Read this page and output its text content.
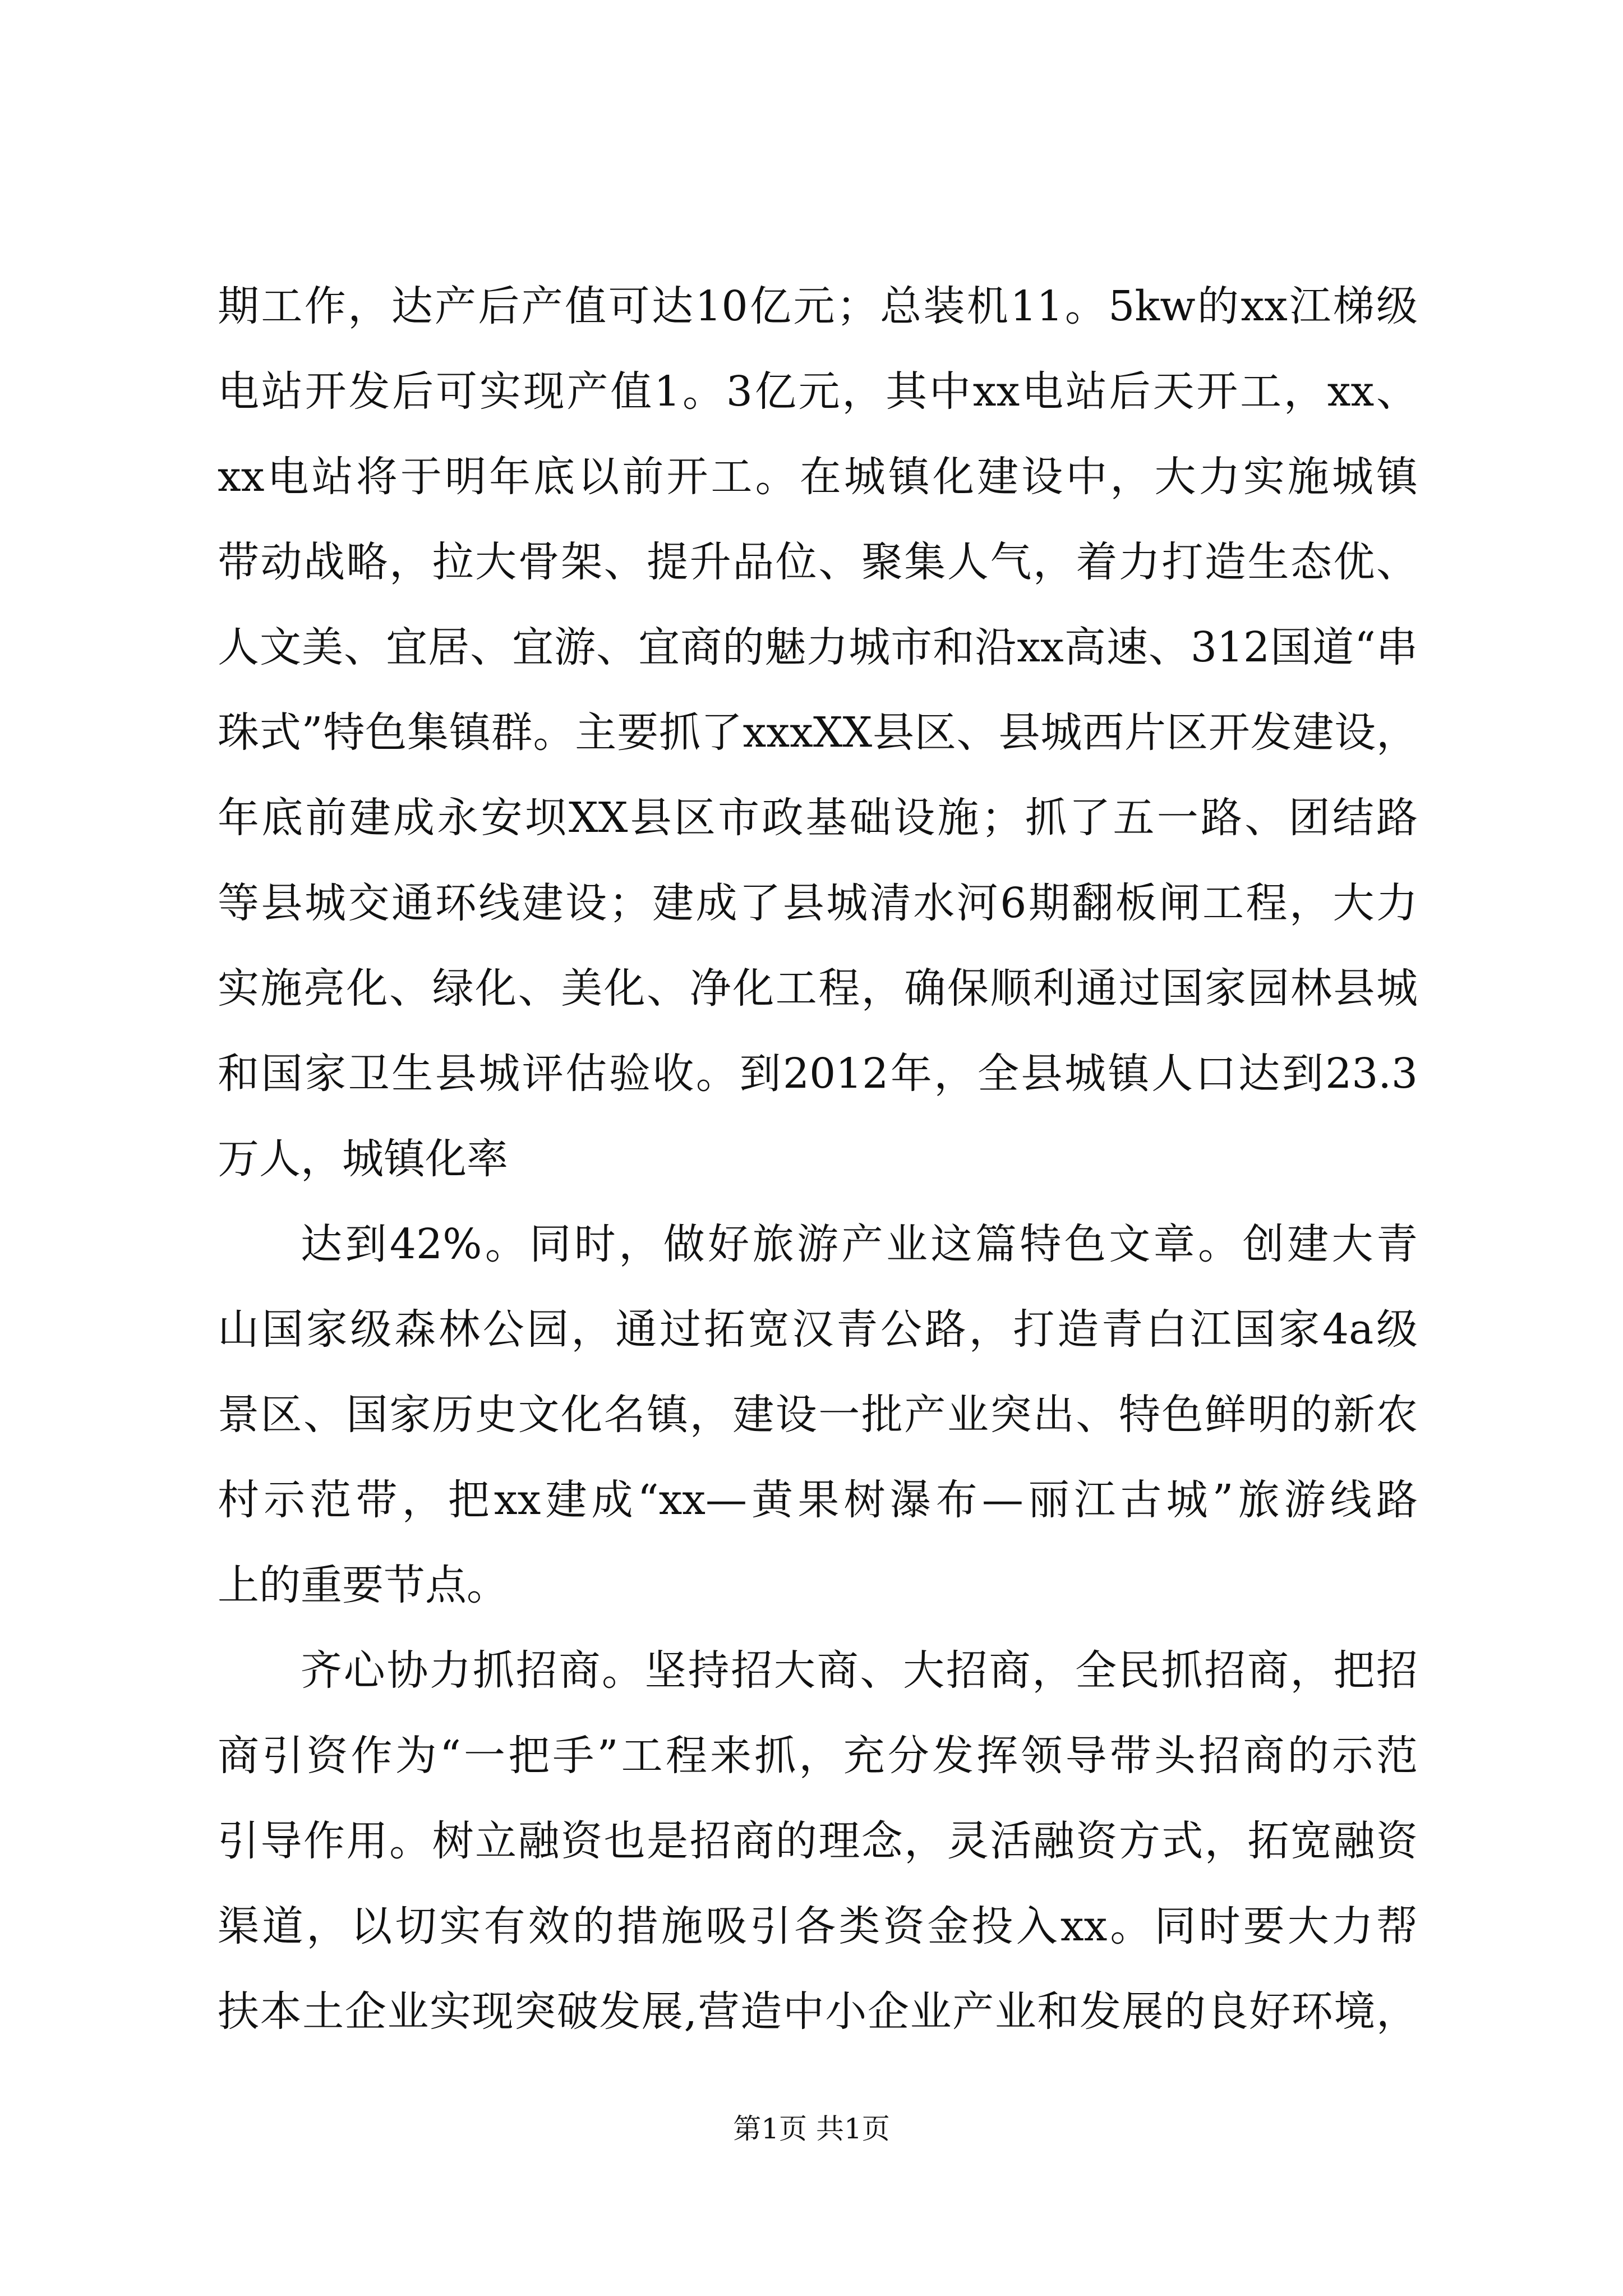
期工作，达产后产值可达10亿元；总装机11。5kw的xx江梯级
电站开发后可实现产值1。3亿元，其中xx电站后天开工，xx、
xx电站将于明年底以前开工。在城镇化建设中，大力实施城镇
带动战略，拉大骨架、提升品位、聚集人气，着力打造生态优、
人文美、宜居、宜游、宜商的魅力城市和沿xx高速、312国道“串
珠式”特色集镇群。主要抓了xxxXX县区、县城西片区开发建设，
年底前建成永安坝XX县区市政基础设施；抓了五一路、团结路
等县城交通环线建设；建成了县城清水河6期翻板闸工程，大力
实施亮化、绿化、美化、净化工程，确保顺利通过国家园林县城
和国家卫生县城评估验收。到2012年，全县城镇人口达到23.3
万人，城镇化率
达到42%。同时，做好旅游产业这篇特色文章。创建大青
山国家级森林公园，通过拓宽汉青公路，打造青白江国家4a级
景区、国家历史文化名镇，建设一批产业突出、特色鲜明的新农
村示范带，把xx建成“xx—黄果树瀑布—丽江古城”旅游线路
上的重要节点。
齐心协力抓招商。坚持招大商、大招商，全民抓招商，把招
商引资作为“一把手”工程来抓，充分发挥领导带头招商的示范
引导作用。树立融资也是招商的理念，灵活融资方式，拓宽融资
渠道，以切实有效的措施吸引各类资金投入xx。同时要大力帮
扶本土企业实现突破发展,营造中小企业产业和发展的良好环境，
第1页 共1页
